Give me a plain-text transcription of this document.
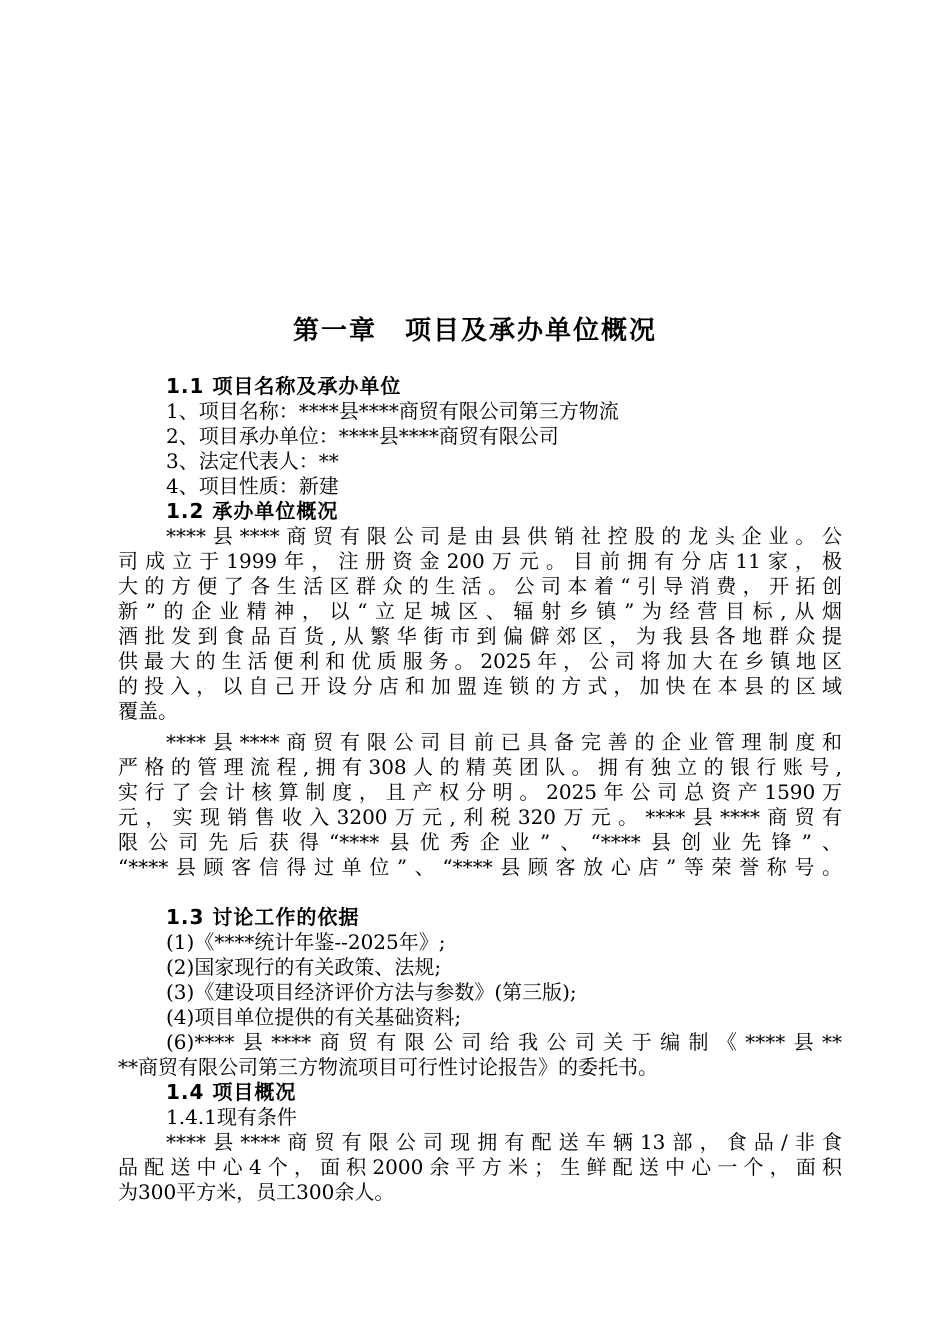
第一章　项目及承办单位概况
1.1 项目名称及承办单位
1、项目名称：****县****商贸有限公司第三方物流
2、项目承办单位：****县****商贸有限公司
3、法定代表人：**
4、项目性质：新建
1.2 承办单位概况
****县****商贸有限公司是由县供销社控股的龙头企业。公
司成立于1999年，注册资金200万元。目前拥有分店11家，极
大的方便了各生活区群众的生活。公司本着“引导消费，开拓创
新”的企业精神，以“立足城区、辐射乡镇”为经营目标,从烟
酒批发到食品百货,从繁华街市到偏僻郊区，为我县各地群众提
供最大的生活便利和优质服务。2025年，公司将加大在乡镇地区
的投入，以自己开设分店和加盟连锁的方式，加快在本县的区域
覆盖。
****县****商贸有限公司目前已具备完善的企业管理制度和
严格的管理流程,拥有308人的精英团队。拥有独立的银行账号,
实行了会计核算制度，且产权分明。2025年公司总资产1590万
元，实现销售收入3200万元,利税320万元。****县****商贸有
限公司先后获得“****县优秀企业”、“****县创业先锋”、
“****县顾客信得过单位”、“****县顾客放心店”等荣誉称号。
1.3 讨论工作的依据
(1)《****统计年鉴--2025年》;
(2)国家现行的有关政策、法规;
(3)《建设项目经济评价方法与参数》(第三版);
(4)项目单位提供的有关基础资料;
(6)****县****商贸有限公司给我公司关于编制《****县**
**商贸有限公司第三方物流项目可行性讨论报告》的委托书。
1.4 项目概况
1.4.1现有条件
****县****商贸有限公司现拥有配送车辆13部，食品/非食
品配送中心4个，面积2000余平方米；生鲜配送中心一个，面积
为300平方米，员工300余人。
